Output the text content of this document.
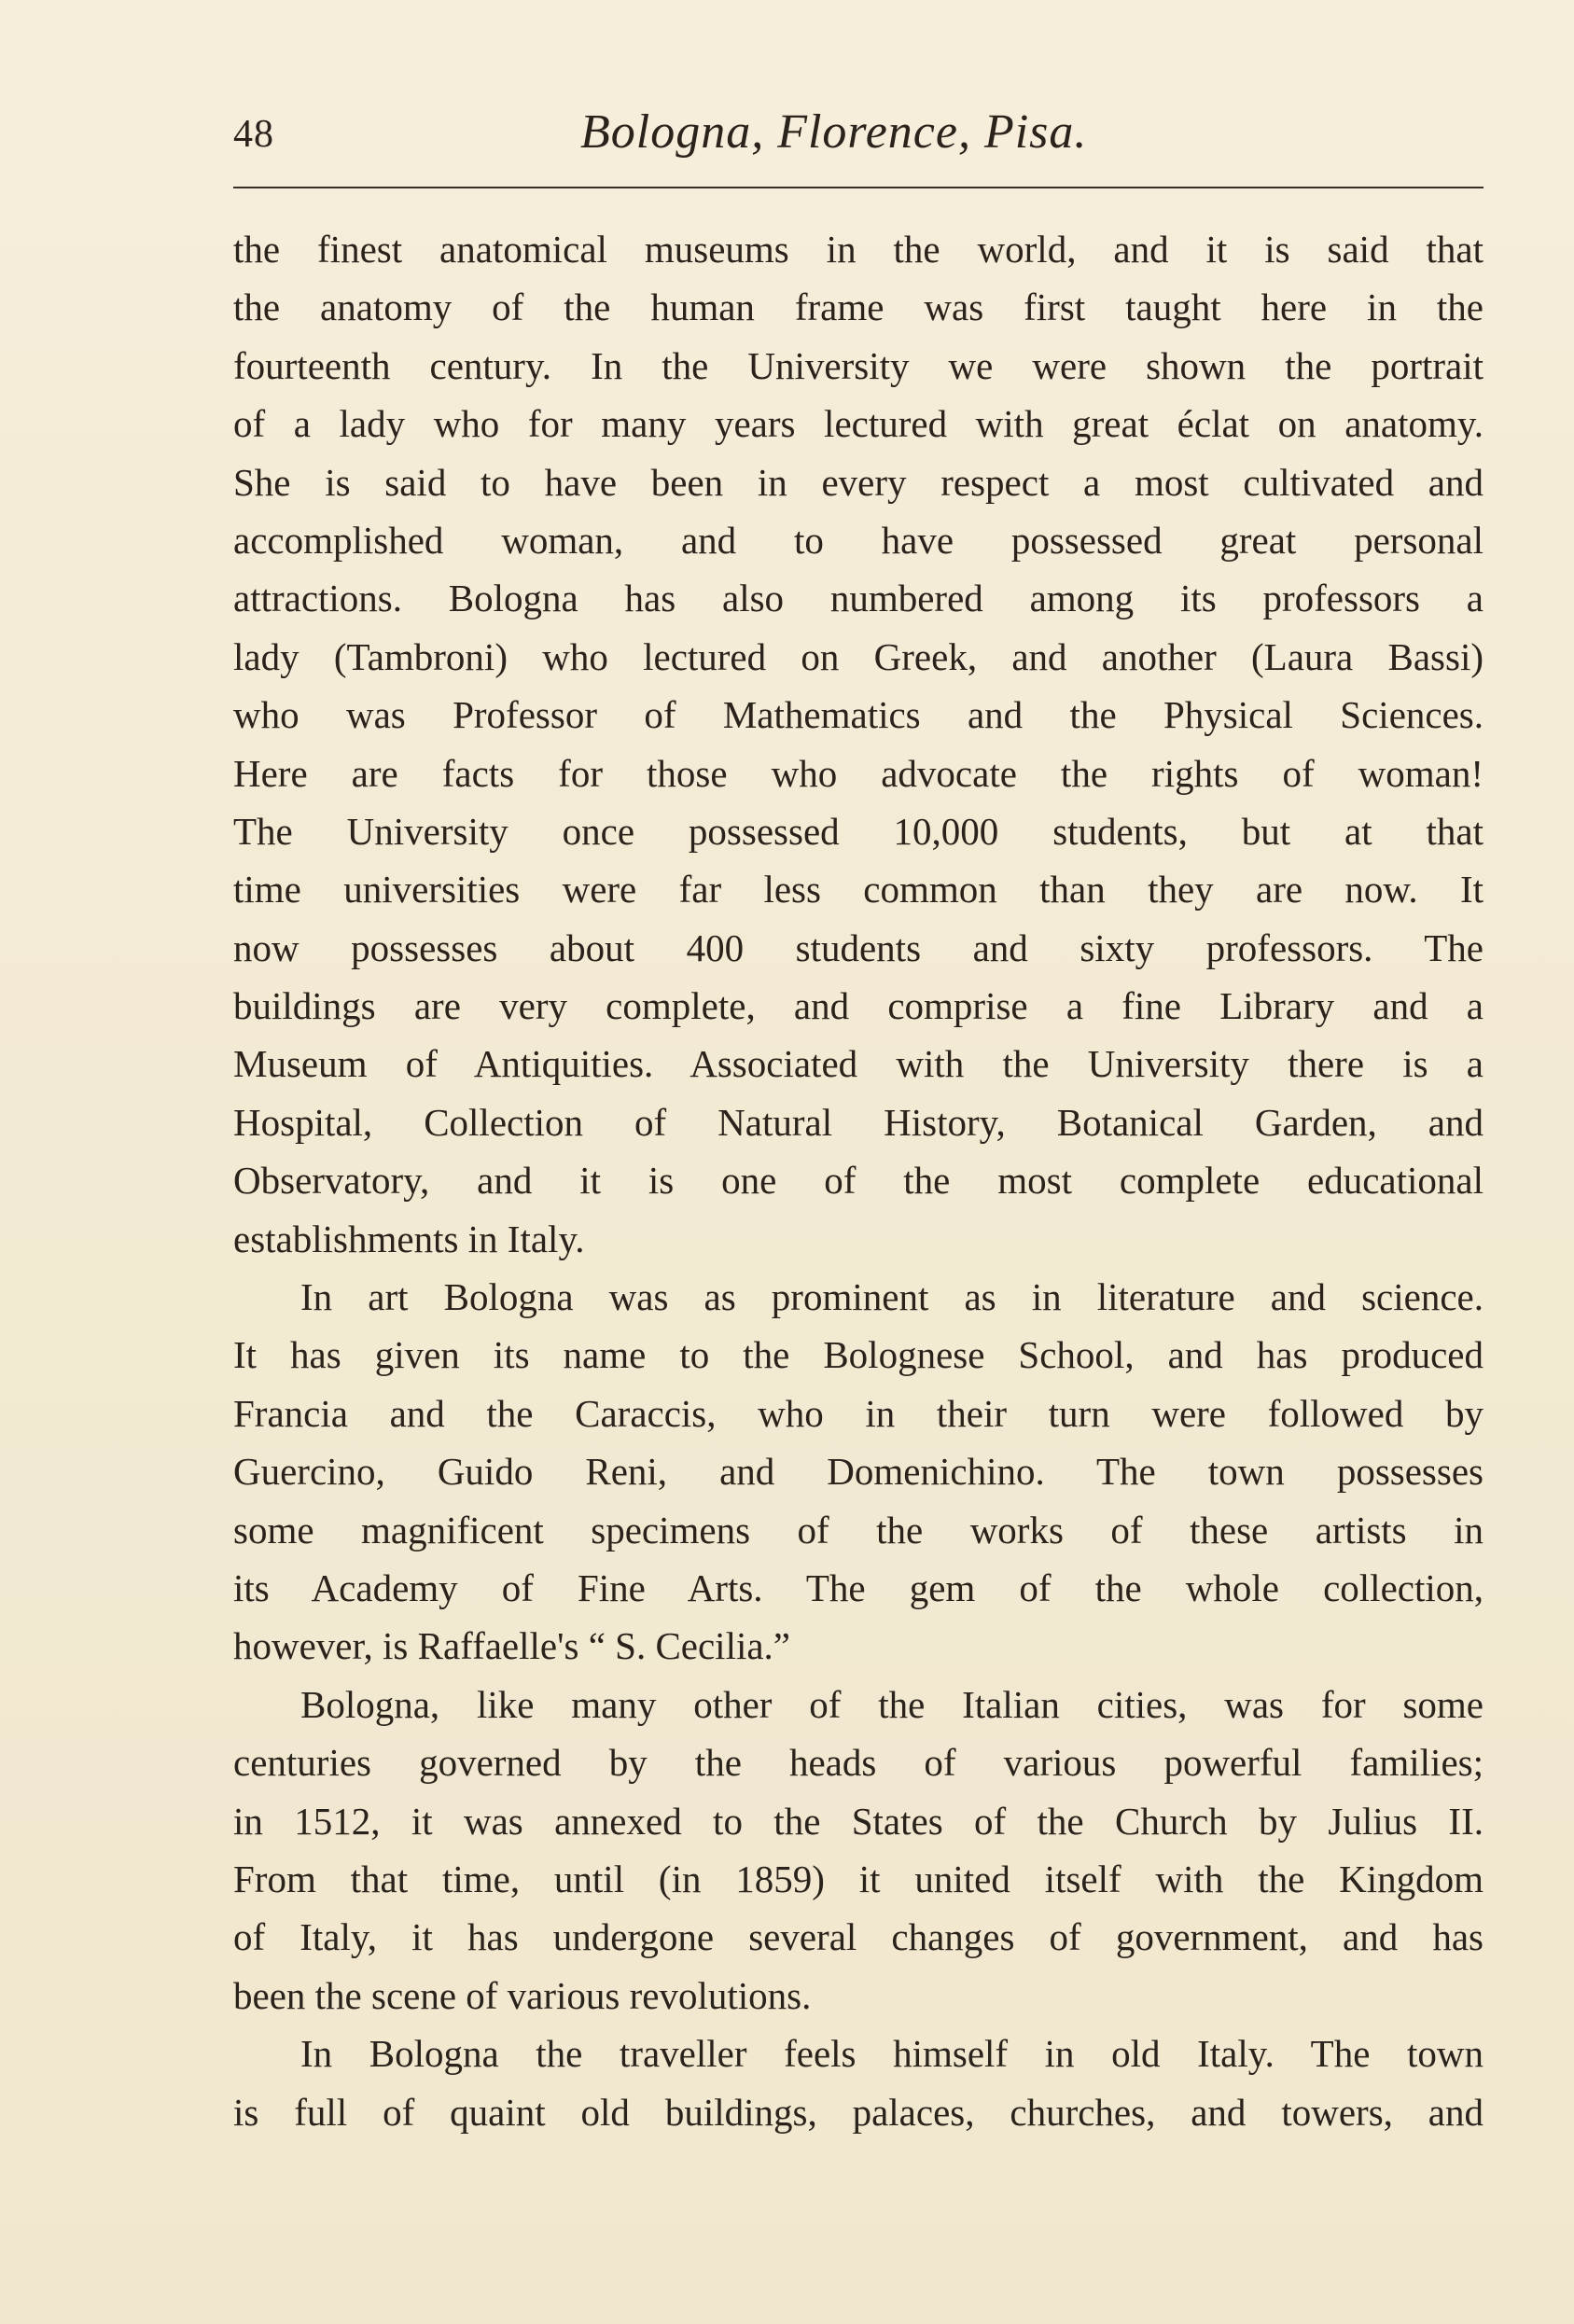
48	Bologna, Florence, Pisa.
the finest anatomical museums in the world, and it is said that
the anatomy of the human frame was first taught here in the
fourteenth century. In the University we were shown the portrait
of a lady who for many years lectured with great éclat on anatomy.
She is said to have been in every respect a most cultivated and
accomplished woman, and to have possessed great personal
attractions. Bologna has also numbered among its professors a
lady (Tambroni) who lectured on Greek, and another (Laura Bassi)
who was Professor of Mathematics and the Physical Sciences.
Here are facts for those who advocate the rights of woman!
The University once possessed 10,000 students, but at that
time universities were far less common than they are now. It
now possesses about 400 students and sixty professors. The
buildings are very complete, and comprise a fine Library and a
Museum of Antiquities. Associated with the University there is a
Hospital, Collection of Natural History, Botanical Garden, and
Observatory, and it is one of the most complete educational
establishments in Italy.
In art Bologna was as prominent as in literature and science.
It has given its name to the Bolognese School, and has produced
Francia and the Caraccis, who in their turn were followed by
Guercino, Guido Reni, and Domenichino. The town possesses
some magnificent specimens of the works of these artists in
its Academy of Fine Arts. The gem of the whole collection,
however, is Raffaelle's “ S. Cecilia.”
Bologna, like many other of the Italian cities, was for some
centuries governed by the heads of various powerful families;
in 1512, it was annexed to the States of the Church by Julius II.
From that time, until (in 1859) it united itself with the Kingdom
of Italy, it has undergone several changes of government, and has
been the scene of various revolutions.
In Bologna the traveller feels himself in old Italy. The town
is full of quaint old buildings, palaces, churches, and towers, and
